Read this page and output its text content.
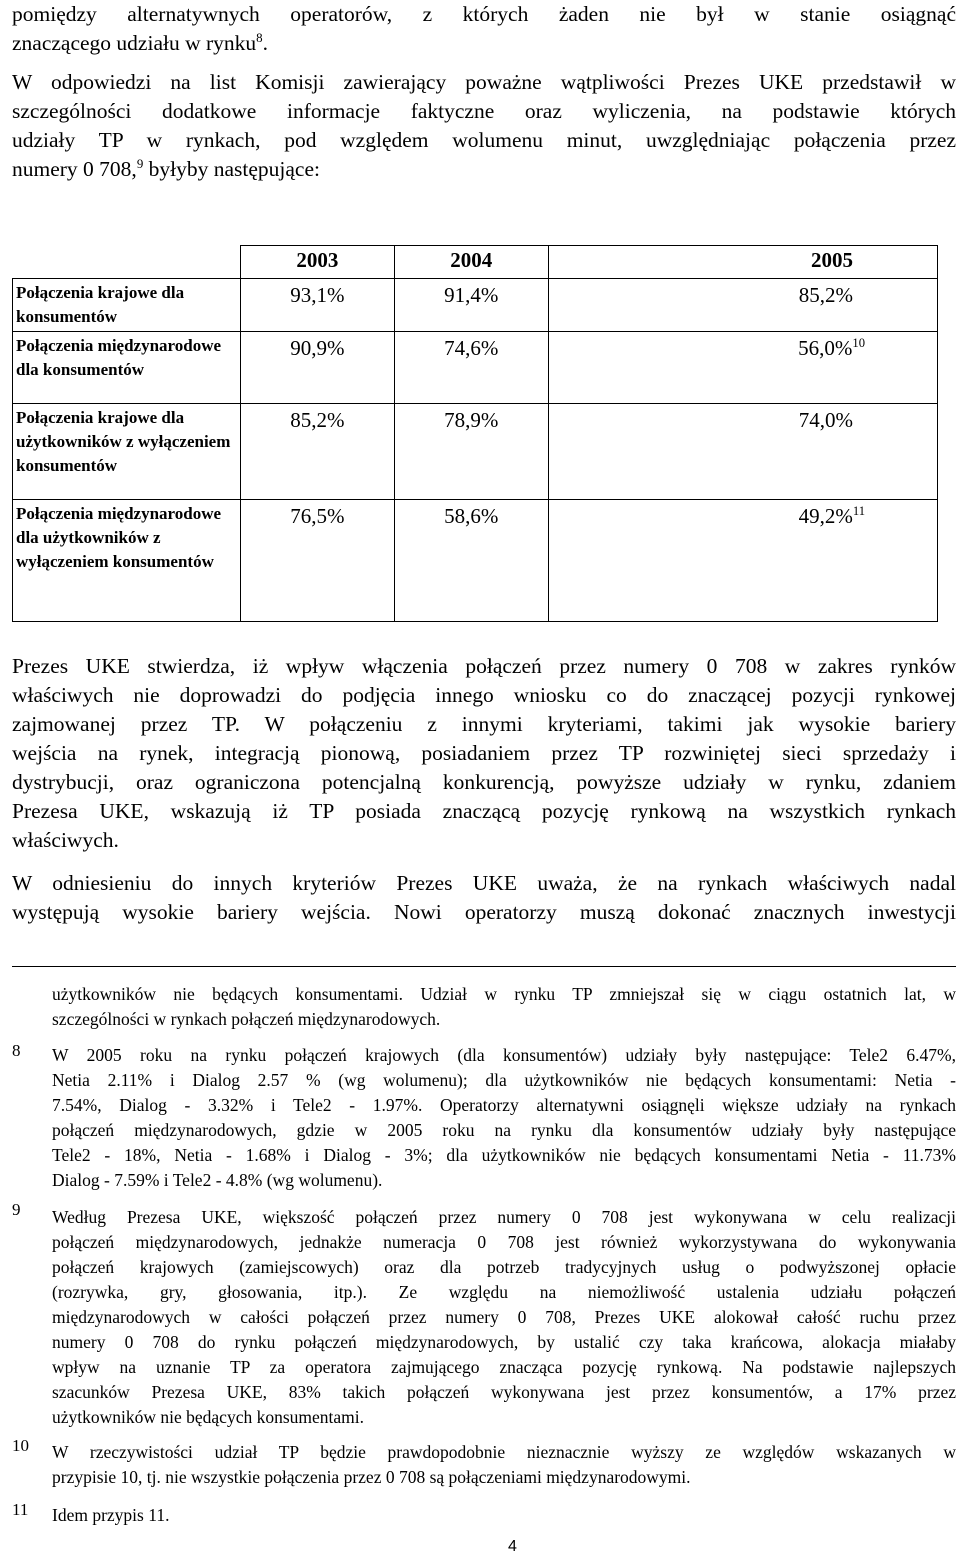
pomiędzy alternatywnych operatorów, z których żaden nie był w stanie osiągnąć
znaczącego udziału w rynku$^8$.

W odpowiedzi na list Komisji zawierający poważne wątpliwości Prezes UKE przedstawił w
szczególności dodatkowe informacje faktyczne oraz wyliczenia, na podstawie których
udziały TP w rynkach, pod względem wolumenu minut, uwzględniając połączenia przez
numery 0 708,$^9$ byłyby następujące:

	2003	2004	2005
Połączenia krajowe dla konsumentów	93,1%	91,4%	85,2%
Połączenia międzynarodowe dla konsumentów	90,9%	74,6%	56,0%$^{10}$
Połączenia krajowe dla użytkowników z wyłączeniem konsumentów	85,2%	78,9%	74,0%
Połączenia międzynarodowe dla użytkowników z wyłączeniem konsumentów	76,5%	58,6%	49,2%$^{11}$

Prezes UKE stwierdza, iż wpływ włączenia połączeń przez numery 0 708 w zakres rynków
właściwych nie doprowadzi do podjęcia innego wniosku co do znaczącej pozycji rynkowej
zajmowanej przez TP. W połączeniu z innymi kryteriami, takimi jak wysokie bariery
wejścia na rynek, integracją pionową, posiadaniem przez TP rozwiniętej sieci sprzedaży i
dystrybucji, oraz ograniczona potencjalną konkurencją, powyższe udziały w rynku, zdaniem
Prezesa UKE, wskazują iż TP posiada znaczącą pozycję rynkową na wszystkich rynkach
właściwych.

W odniesieniu do innych kryteriów Prezes UKE uważa, że na rynkach właściwych nadal
występują wysokie bariery wejścia. Nowi operatorzy muszą dokonać znacznych inwestycji

użytkowników nie będących konsumentami. Udział w rynku TP zmniejszał się w ciągu ostatnich lat, w
szczególności w rynkach połączeń międzynarodowych.
8 W 2005 roku na rynku połączeń krajowych (dla konsumentów) udziały były następujące: Tele2 6.47%,
Netia 2.11% i Dialog 2.57 % (wg wolumenu); dla użytkowników nie będących konsumentami: Netia -
7.54%, Dialog - 3.32% i Tele2 - 1.97%. Operatorzy alternatywni osiągnęli większe udziały na rynkach
połączeń międzynarodowych, gdzie w 2005 roku na rynku dla konsumentów udziały były następujące
Tele2 - 18%, Netia - 1.68% i Dialog - 3%; dla użytkowników nie będących konsumentami Netia - 11.73%
Dialog - 7.59% i Tele2 - 4.8% (wg wolumenu).
9 Według Prezesa UKE, większość połączeń przez numery 0 708 jest wykonywana w celu realizacji
połączeń międzynarodowych, jednakże numeracja 0 708 jest również wykorzystywana do wykonywania
połączeń krajowych (zamiejscowych) oraz dla potrzeb tradycyjnych usług o podwyższonej opłacie
(rozrywka, gry, głosowania, itp.). Ze względu na niemożliwość ustalenia udziału połączeń
międzynarodowych w całości połączeń przez numery 0 708, Prezes UKE alokował całość ruchu przez
numery 0 708 do rynku połączeń międzynarodowych, by ustalić czy taka krańcowa, alokacja miałaby
wpływ na uznanie TP za operatora zajmującego znacząca pozycję rynkową. Na podstawie najlepszych
szacunków Prezesa UKE, 83% takich połączeń wykonywana jest przez konsumentów, a 17% przez
użytkowników nie będących konsumentami.
10 W rzeczywistości udział TP będzie prawdopodobnie nieznacznie wyższy ze względów wskazanych w
przypisie 10, tj. nie wszystkie połączenia przez 0 708 są połączeniami międzynarodowymi.
11 Idem przypis 11.
4
